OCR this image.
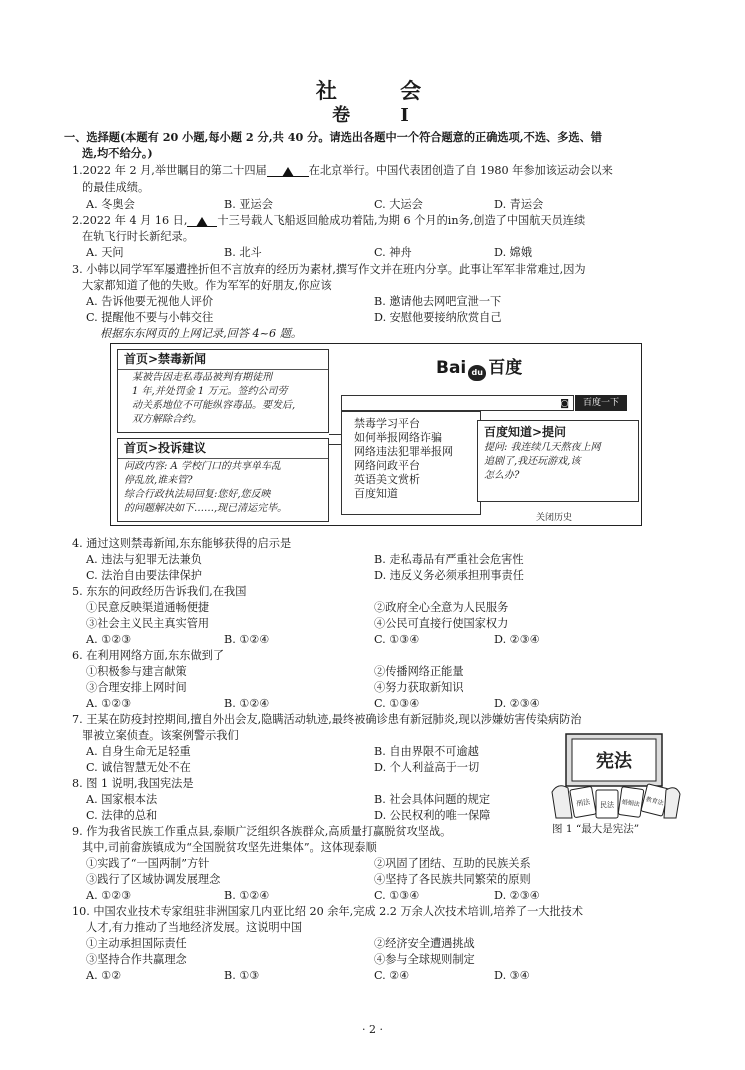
社 会
卷 Ⅰ
一、选择题(本题有 20 小题,每小题 2 分,共 40 分。请选出各题中一个符合题意的正确选项,不选、多选、错
选,均不给分。)
1.2022 年 2 月,举世瞩目的第二十四届	在北京举行。中国代表团创造了自 1980 年参加该运动会以来
的最佳成绩。
A. 冬奥会	B. 亚运会	C. 大运会	D. 青运会
2.2022 年 4 月 16 日,	十三号载人飞船返回舱成功着陆,为期 6 个月的in务,创造了中国航天员连续
在轨飞行时长新纪录。
A. 天问	B. 北斗	C. 神舟	D. 嫦娥
3. 小韩以同学军军屡遭挫折但不言放弃的经历为素材,撰写作文并在班内分享。此事让军军非常难过,因为
大家都知道了他的失败。作为军军的好朋友,你应该
A. 告诉他要无视他人评价	B. 邀请他去网吧宣泄一下
C. 提醒他不要与小韩交往	D. 安慰他要接纳欣赏自己
根据东东网页的上网记录,回答 4~6 题。
首页>禁毒新闻
某被告因走私毒品被判有期徒刑
1 年,并处罚金 1 万元。签约公司劳
动关系地位不可能纵容毒品。要发后,
双方解除合约。
首页>投诉建议
问政内容: A 学校门口的共享单车乱
停乱放,谁来管?
综合行政执法局回复:您好,您反映
的问题解决如下……,现已清运完毕。
Bai du 百度
◙	百度一下
禁毒学习平台
如何举报网络诈骗
网络违法犯罪举报网
网络问政平台
英语美文赏析
百度知道
百度知道>提问
提问: 我连续几天熬夜上网
追剧了,我还玩游戏,该
怎么办?
关闭历史
4. 通过这则禁毒新闻,东东能够获得的启示是
A. 违法与犯罪无法兼负	B. 走私毒品有严重社会危害性
C. 法治自由要法律保护	D. 违反义务必须承担刑事责任
5. 东东的问政经历告诉我们,在我国
①民意反映渠道通畅便捷	②政府全心全意为人民服务
③社会主义民主真实管用	④公民可直接行使国家权力
A. ①②③	B. ①②④	C. ①③④	D. ②③④
6. 在利用网络方面,东东做到了
①积极参与建言献策	②传播网络正能量
③合理安排上网时间	④努力获取新知识
A. ①②③	B. ①②④	C. ①③④	D. ②③④
7. 王某在防疫封控期间,擅自外出会友,隐瞒活动轨迹,最终被确诊患有新冠肺炎,现以涉嫌妨害传染病防治
罪被立案侦查。该案例警示我们
A. 自身生命无足轻重	B. 自由界限不可逾越
C. 诚信智慧无处不在	D. 个人利益高于一切
8. 图 1 说明,我国宪法是
A. 国家根本法	B. 社会具体问题的规定
C. 法律的总和	D. 公民权利的唯一保障
宪法
刑法 民法 婚姻法 教育法
图 1 “最大是宪法”
9. 作为我省民族工作重点县,泰顺广泛组织各族群众,高质量打赢脱贫攻坚战。
其中,司前畲族镇成为“全国脱贫攻坚先进集体”。这体现泰顺
①实践了“一国两制”方针	②巩固了团结、互助的民族关系
③践行了区域协调发展理念	④坚持了各民族共同繁荣的原则
A. ①②③	B. ①②④	C. ①③④	D. ②③④
10. 中国农业技术专家组驻非洲国家几内亚比绍 20 余年,完成 2.2 万余人次技术培训,培养了一大批技术
人才,有力推动了当地经济发展。这说明中国
①主动承担国际责任	②经济安全遭遇挑战
③坚持合作共赢理念	④参与全球规则制定
A. ①②	B. ①③	C. ②④	D. ③④
· 2 ·
